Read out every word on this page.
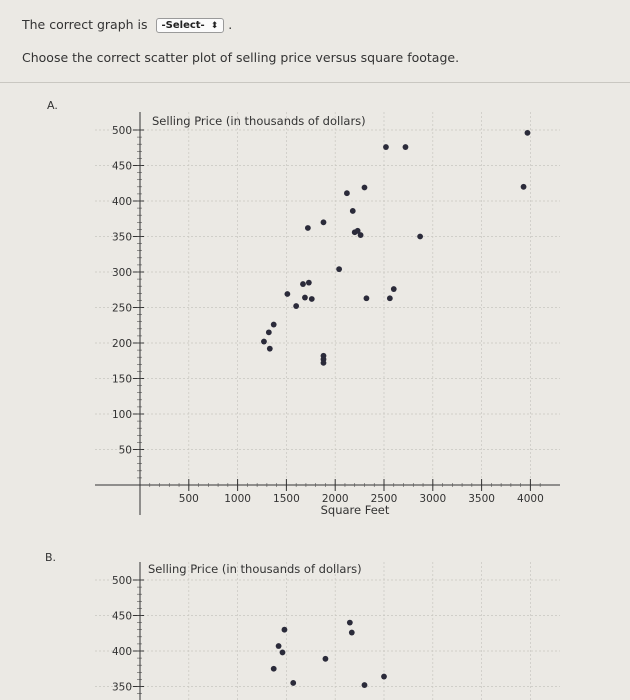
The correct graph is -Select- ⬍ .
Choose the correct scatter plot of selling price versus square footage.
A.
B.
50
100
150
200
250
300
350
400
450
500
500 1000 1500 2000 2500 3000 3500 4000
Square Feet
Selling Price (in thousands of dollars)
350
400
450
500
Selling Price (in thousands of dollars)
